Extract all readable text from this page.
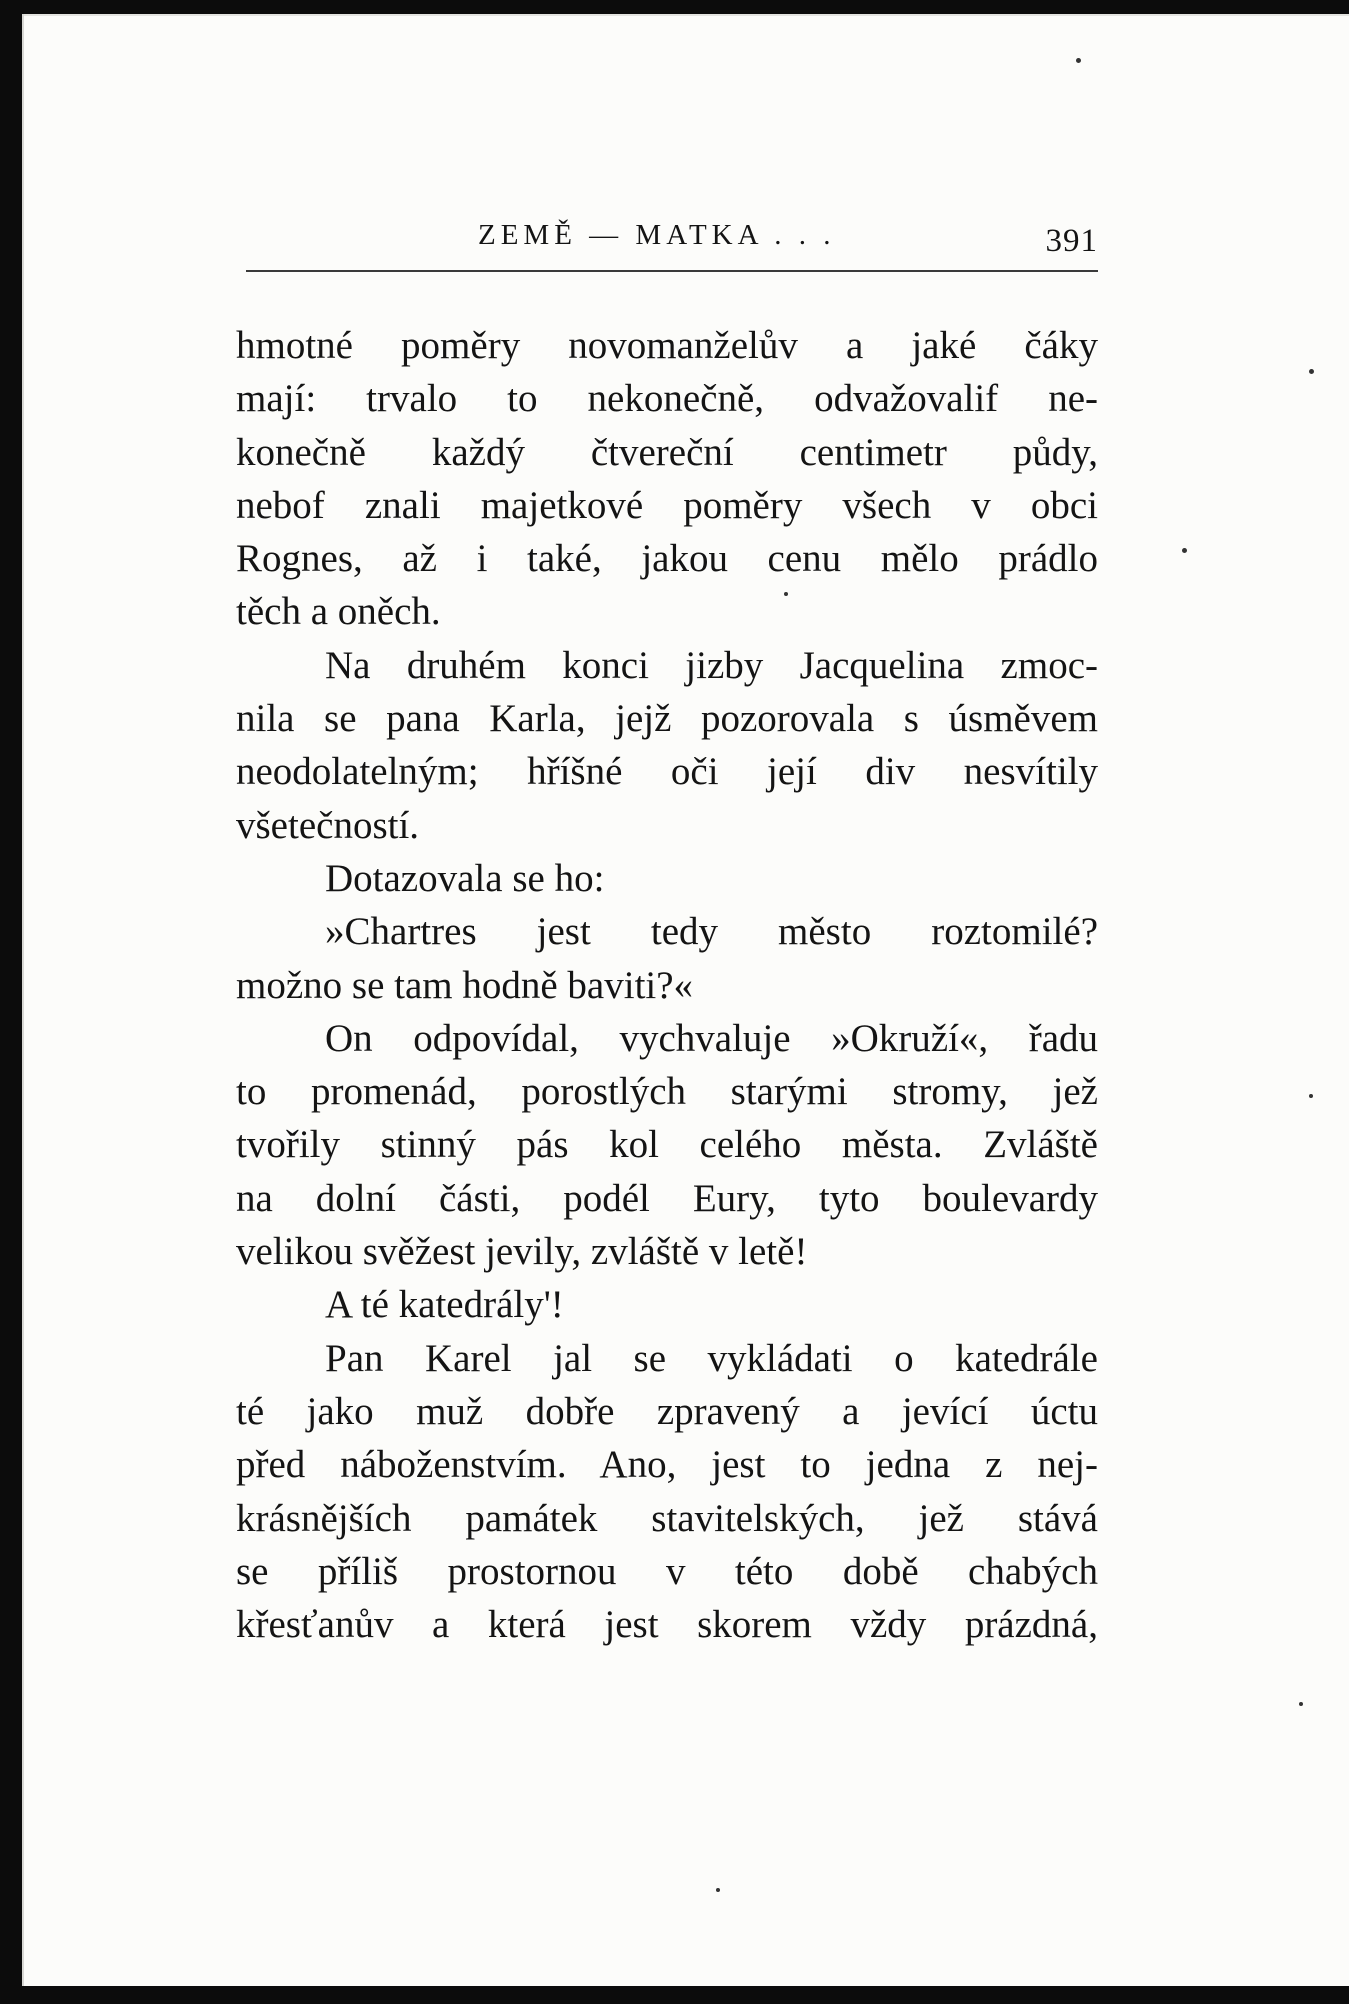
ZEMĚ — MATKA . . .	391
hmotné poměry novomanželův a jaké čáky
mají: trvalo to nekonečně, odvažovalif ne-
konečně každý čtvereční centimetr půdy,
nebof znali majetkové poměry všech v obci
Rognes, až i také, jakou cenu mělo prádlo
těch a oněch.
Na druhém konci jizby Jacquelina zmoc-
nila se pana Karla, jejž pozorovala s úsměvem
neodolatelným; hříšné oči její div nesvítily
všetečností.
Dotazovala se ho:
»Chartres jest tedy město roztomilé?
možno se tam hodně baviti?«
On odpovídal, vychvaluje »Okruží«, řadu
to promenád, porostlých starými stromy, jež
tvořily stinný pás kol celého města. Zvláště
na dolní části, podél Eury, tyto boulevardy
velikou svěžest jevily, zvláště v letě!
A té katedrály'!
Pan Karel jal se vykládati o katedrále
té jako muž dobře zpravený a jevící úctu
před náboženstvím. Ano, jest to jedna z nej-
krásnějších památek stavitelských, jež stává
se příliš prostornou v této době chabých
křesťanův a která jest skorem vždy prázdná,
